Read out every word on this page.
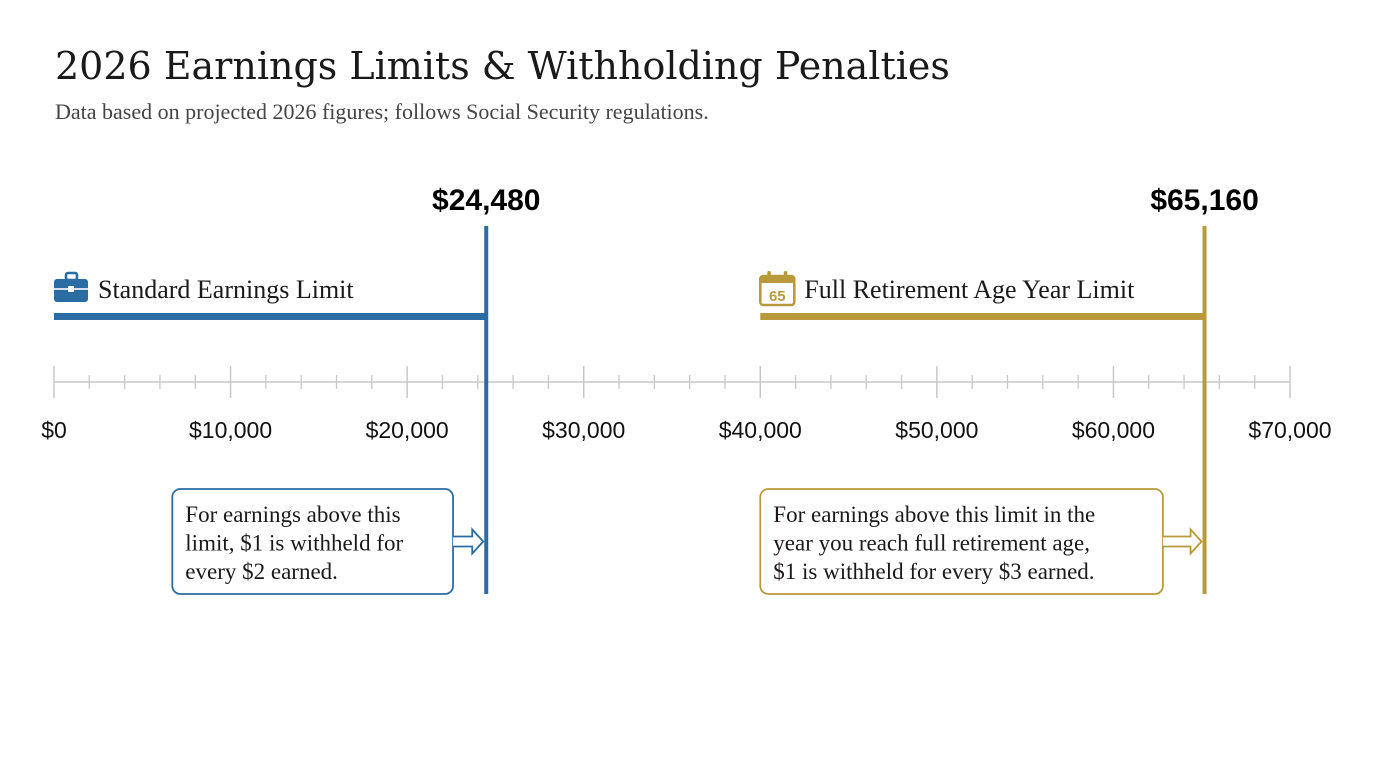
2026 Earnings Limits & Withholding Penalties

Data based on projected 2026 figures; follows Social Security regulations.

$0	$10,000	$20,000	$30,000	$40,000	$50,000	$60,000	$70,000
$24,480
Standard Earnings Limit
For earnings above this
limit, $1 is withheld for
every $2 earned.
$65,160
65 Full Retirement Age Year Limit
For earnings above this limit in the
year you reach full retirement age,
$1 is withheld for every $3 earned.
